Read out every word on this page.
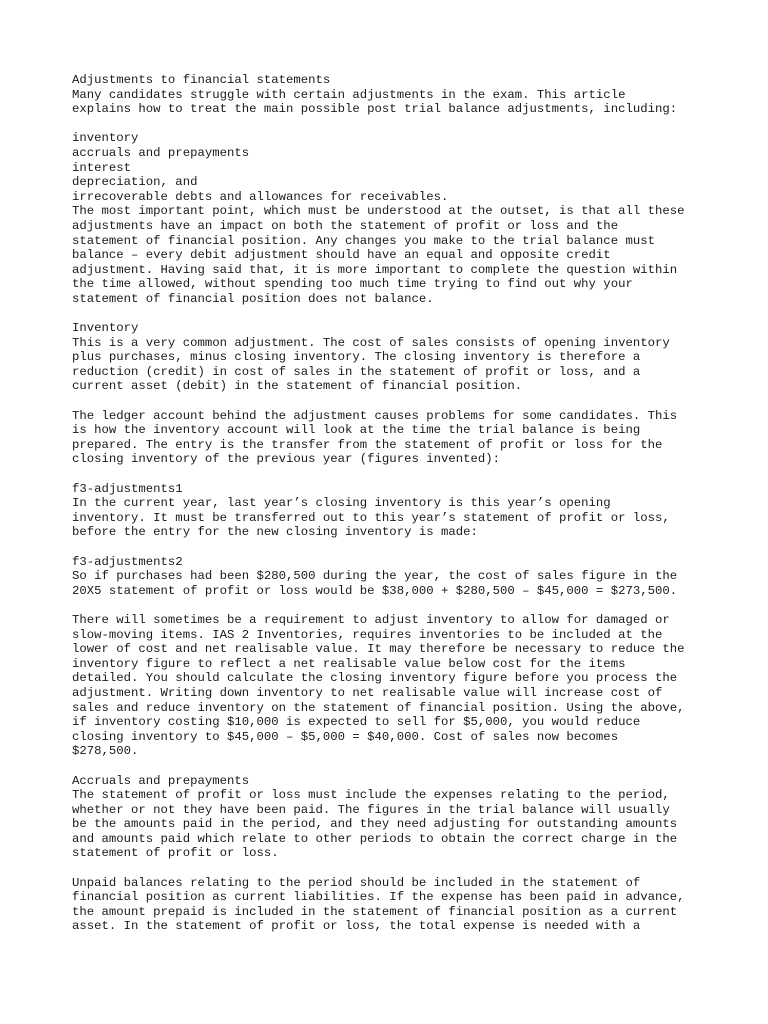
Adjustments to financial statements
Many candidates struggle with certain adjustments in the exam. This article
explains how to treat the main possible post trial balance adjustments, including:
inventory
accruals and prepayments
interest
depreciation, and
irrecoverable debts and allowances for receivables.
The most important point, which must be understood at the outset, is that all these
adjustments have an impact on both the statement of profit or loss and the
statement of financial position. Any changes you make to the trial balance must
balance – every debit adjustment should have an equal and opposite credit
adjustment. Having said that, it is more important to complete the question within
the time allowed, without spending too much time trying to find out why your
statement of financial position does not balance.
Inventory
This is a very common adjustment. The cost of sales consists of opening inventory
plus purchases, minus closing inventory. The closing inventory is therefore a
reduction (credit) in cost of sales in the statement of profit or loss, and a
current asset (debit) in the statement of financial position.
The ledger account behind the adjustment causes problems for some candidates. This
is how the inventory account will look at the time the trial balance is being
prepared. The entry is the transfer from the statement of profit or loss for the
closing inventory of the previous year (figures invented):
f3-adjustments1
In the current year, last year’s closing inventory is this year’s opening
inventory. It must be transferred out to this year’s statement of profit or loss,
before the entry for the new closing inventory is made:
f3-adjustments2
So if purchases had been $280,500 during the year, the cost of sales figure in the
20X5 statement of profit or loss would be $38,000 + $280,500 – $45,000 = $273,500.
There will sometimes be a requirement to adjust inventory to allow for damaged or
slow-moving items. IAS 2 Inventories, requires inventories to be included at the
lower of cost and net realisable value. It may therefore be necessary to reduce the
inventory figure to reflect a net realisable value below cost for the items
detailed. You should calculate the closing inventory figure before you process the
adjustment. Writing down inventory to net realisable value will increase cost of
sales and reduce inventory on the statement of financial position. Using the above,
if inventory costing $10,000 is expected to sell for $5,000, you would reduce
closing inventory to $45,000 – $5,000 = $40,000. Cost of sales now becomes
$278,500.
Accruals and prepayments
The statement of profit or loss must include the expenses relating to the period,
whether or not they have been paid. The figures in the trial balance will usually
be the amounts paid in the period, and they need adjusting for outstanding amounts
and amounts paid which relate to other periods to obtain the correct charge in the
statement of profit or loss.
Unpaid balances relating to the period should be included in the statement of
financial position as current liabilities. If the expense has been paid in advance,
the amount prepaid is included in the statement of financial position as a current
asset. In the statement of profit or loss, the total expense is needed with a
